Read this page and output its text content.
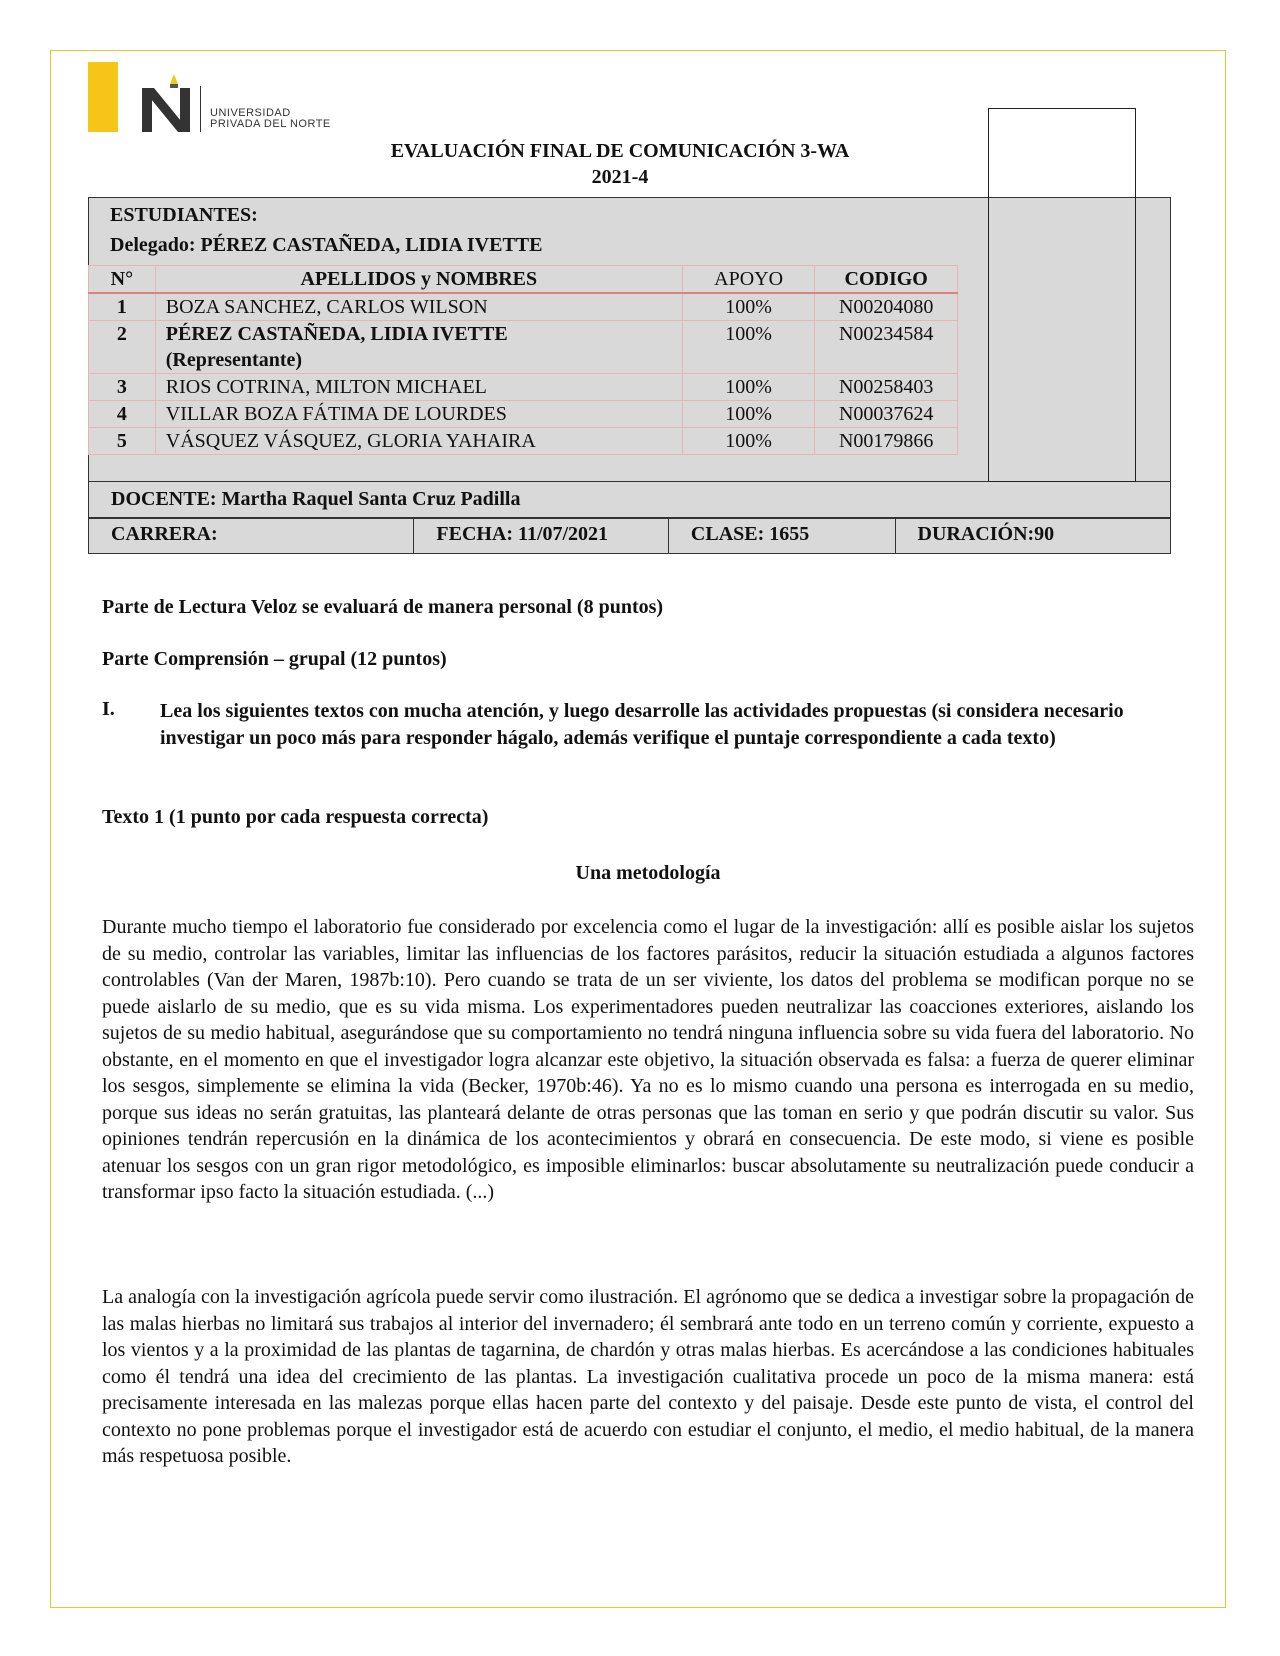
UNIVERSIDAD
PRIVADA DEL NORTE
EVALUACIÓN FINAL DE COMUNICACIÓN 3-WA
2021-4
ESTUDIANTES:
Delegado: PÉREZ CASTAÑEDA, LIDIA IVETTE
N°	APELLIDOS y NOMBRES	APOYO	CODIGO
1	BOZA SANCHEZ, CARLOS WILSON	100%	N00204080
2	PÉREZ CASTAÑEDA, LIDIA IVETTE
(Representante)	100%	N00234584
3	RIOS COTRINA, MILTON MICHAEL	100%	N00258403
4	VILLAR BOZA FÁTIMA DE LOURDES	100%	N00037624
5	VÁSQUEZ VÁSQUEZ, GLORIA YAHAIRA	100%	N00179866
DOCENTE: Martha Raquel Santa Cruz Padilla
CARRERA:	FECHA: 11/07/2021	CLASE: 1655	DURACIÓN:90
Parte de Lectura Veloz se evaluará de manera personal (8 puntos)
Parte Comprensión – grupal (12 puntos)
I. Lea los siguientes textos con mucha atención, y luego desarrolle las actividades propuestas (si considera necesario investigar un poco más para responder hágalo, además verifique el puntaje correspondiente a cada texto)
Texto 1 (1 punto por cada respuesta correcta)
Una metodología
Durante mucho tiempo el laboratorio fue considerado por excelencia como el lugar de la investigación: allí es posible aislar los sujetos de su medio, controlar las variables, limitar las influencias de los factores parásitos, reducir la situación estudiada a algunos factores controlables (Van der Maren, 1987b:10). Pero cuando se trata de un ser viviente, los datos del problema se modifican porque no se puede aislarlo de su medio, que es su vida misma. Los experimentadores pueden neutralizar las coacciones exteriores, aislando los sujetos de su medio habitual, asegurándose que su comportamiento no tendrá ninguna influencia sobre su vida fuera del laboratorio. No obstante, en el momento en que el investigador logra alcanzar este objetivo, la situación observada es falsa: a fuerza de querer eliminar los sesgos, simplemente se elimina la vida (Becker, 1970b:46). Ya no es lo mismo cuando una persona es interrogada en su medio, porque sus ideas no serán gratuitas, las planteará delante de otras personas que las toman en serio y que podrán discutir su valor. Sus opiniones tendrán repercusión en la dinámica de los acontecimientos y obrará en consecuencia. De este modo, si viene es posible atenuar los sesgos con un gran rigor metodológico, es imposible eliminarlos: buscar absolutamente su neutralización puede conducir a transformar ipso facto la situación estudiada. (...)
La analogía con la investigación agrícola puede servir como ilustración. El agrónomo que se dedica a investigar sobre la propagación de las malas hierbas no limitará sus trabajos al interior del invernadero; él sembrará ante todo en un terreno común y corriente, expuesto a los vientos y a la proximidad de las plantas de tagarnina, de chardón y otras malas hierbas. Es acercándose a las condiciones habituales como él tendrá una idea del crecimiento de las plantas. La investigación cualitativa procede un poco de la misma manera: está precisamente interesada en las malezas porque ellas hacen parte del contexto y del paisaje. Desde este punto de vista, el control del contexto no pone problemas porque el investigador está de acuerdo con estudiar el conjunto, el medio, el medio habitual, de la manera más respetuosa posible.
